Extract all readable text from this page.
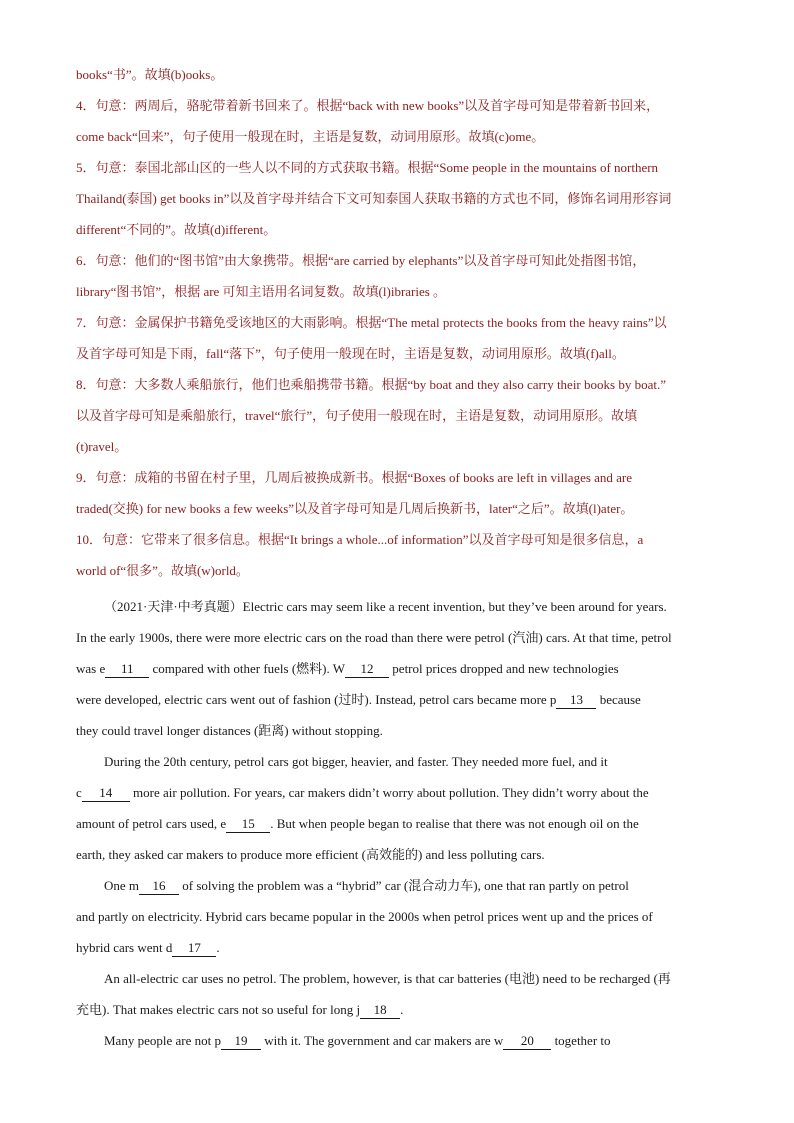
books“书”。故填(b)ooks。
4．句意：两周后，骆驼带着新书回来了。根据“back with new books”以及首字母可知是带着新书回来，
come back“回来”，句子使用一般现在时，主语是复数，动词用原形。故填(c)ome。
5．句意：泰国北部山区的一些人以不同的方式获取书籍。根据“Some people in the mountains of northern
Thailand(泰国) get books in”以及首字母并结合下文可知泰国人获取书籍的方式也不同，修饰名词用形容词
different“不同的”。故填(d)ifferent。
6．句意：他们的“图书馆”由大象携带。根据“are carried by elephants”以及首字母可知此处指图书馆，
library“图书馆”，根据 are 可知主语用名词复数。故填(l)ibraries 。
7．句意：金属保护书籍免受该地区的大雨影响。根据“The metal protects the books from the heavy rains”以
及首字母可知是下雨，fall“落下”，句子使用一般现在时，主语是复数，动词用原形。故填(f)all。
8．句意：大多数人乘船旅行，他们也乘船携带书籍。根据“by boat and they also carry their books by boat.”
以及首字母可知是乘船旅行，travel“旅行”，句子使用一般现在时，主语是复数，动词用原形。故填
(t)ravel。
9．句意：成箱的书留在村子里，几周后被换成新书。根据“Boxes of books are left in villages and are
traded(交换) for new books a few weeks”以及首字母可知是几周后换新书，later“之后”。故填(l)ater。
10．句意：它带来了很多信息。根据“It brings a whole...of information”以及首字母可知是很多信息，a
world of“很多”。故填(w)orld。
（2021·天津·中考真题）Electric cars may seem like a recent invention, but they’ve been around for years.
In the early 1900s, there were more electric cars on the road than there were petrol (汽油) cars. At that time, petrol
was e 11 compared with other fuels (燃料). W 12 petrol prices dropped and new technologies
were developed, electric cars went out of fashion (过时). Instead, petrol cars became more p 13 because
they could travel longer distances (距离) without stopping.
During the 20th century, petrol cars got bigger, heavier, and faster. They needed more fuel, and it
c 14 more air pollution. For years, car makers didn’t worry about pollution. They didn’t worry about the
amount of petrol cars used, e 15 . But when people began to realise that there was not enough oil on the
earth, they asked car makers to produce more efficient (高效能的) and less polluting cars.
One m 16 of solving the problem was a “hybrid” car (混合动力车), one that ran partly on petrol
and partly on electricity. Hybrid cars became popular in the 2000s when petrol prices went up and the prices of
hybrid cars went d 17 .
An all-electric car uses no petrol. The problem, however, is that car batteries (电池) need to be recharged (再
充电). That makes electric cars not so useful for long j 18 .
Many people are not p 19 with it. The government and car makers are w 20 together to
